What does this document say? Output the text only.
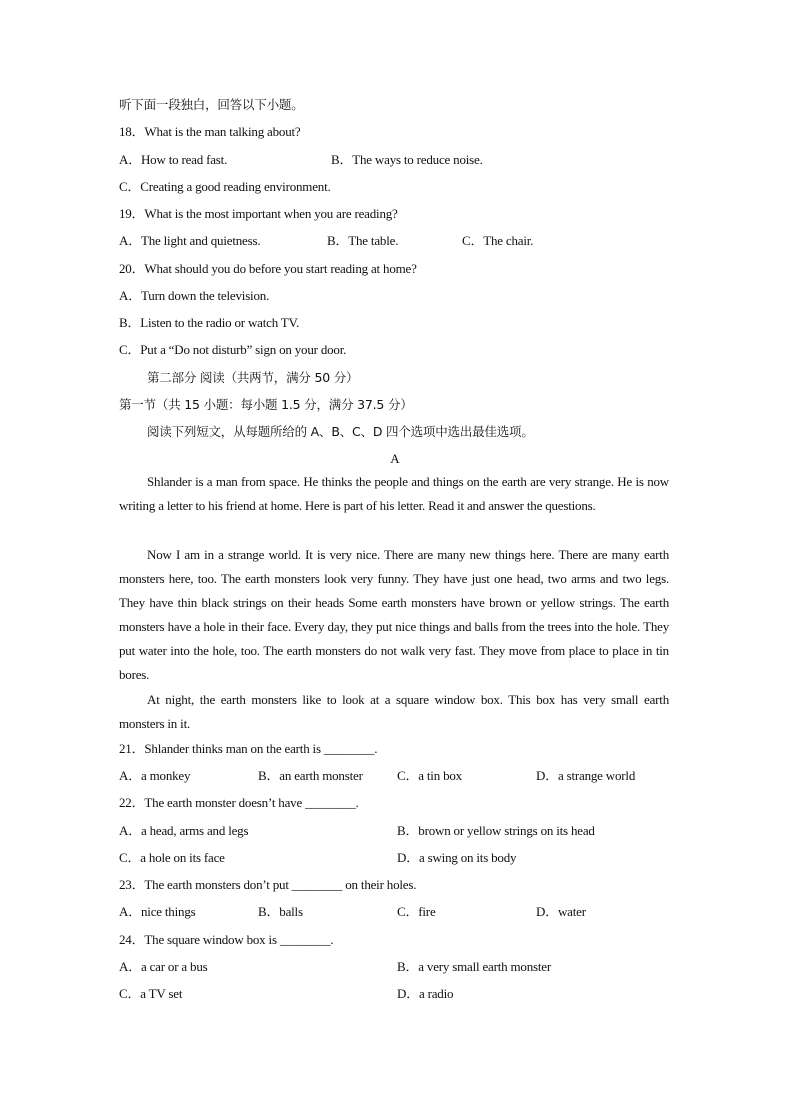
听下面一段独白，回答以下小题。
18．What is the man talking about?
A．How to read fast.	B．The ways to reduce noise.
C．Creating a good reading environment.
19．What is the most important when you are reading?
A．The light and quietness.	B．The table.	C．The chair.
20．What should you do before you start reading at home?
A．Turn down the television.
B．Listen to the radio or watch TV.
C．Put a “Do not disturb” sign on your door.
第二部分 阅读（共两节，满分 50 分）
第一节（共 15 小题：每小题 1.5 分，满分 37.5 分）
阅读下列短文，从每题所给的 A、B、C、D 四个选项中选出最佳选项。
A
Shlander is a man from space. He thinks the people and things on the earth are very strange. He is now writing a letter to his friend at home. Here is part of his letter. Read it and answer the questions.
Now I am in a strange world. It is very nice. There are many new things here. There are many earth monsters here, too. The earth monsters look very funny. They have just one head, two arms and two legs. They have thin black strings on their heads Some earth monsters have brown or yellow strings. The earth monsters have a hole in their face. Every day, they put nice things and balls from the trees into the hole. They put water into the hole, too. The earth monsters do not walk very fast. They move from place to place in tin bores.
At night, the earth monsters like to look at a square window box. This box has very small earth monsters in it.
21．Shlander thinks man on the earth is ________.
A．a monkey	B．an earth monster	C．a tin box	D．a strange world
22．The earth monster doesn’t have ________.
A．a head, arms and legs	B．brown or yellow strings on its head
C．a hole on its face	D．a swing on its body
23．The earth monsters don’t put ________ on their holes.
A．nice things	B．balls	C．fire	D．water
24．The square window box is ________.
A．a car or a bus	B．a very small earth monster
C．a TV set	D．a radio
